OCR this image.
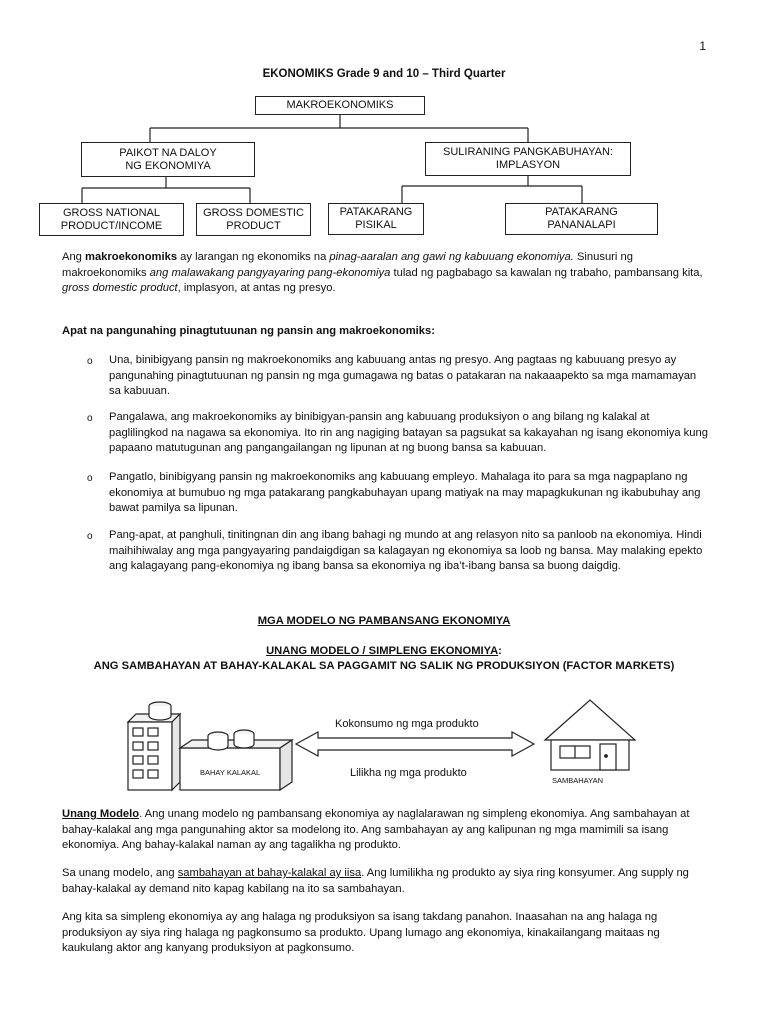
1
EKONOMIKS Grade 9 and 10 – Third Quarter
MAKROEKONOMIKS
PAIKOT NA DALOY
NG EKONOMIYA
SULIRANING PANGKABUHAYAN:
IMPLASYON
GROSS NATIONAL
PRODUCT/INCOME
GROSS DOMESTIC
PRODUCT
PATAKARANG
PISIKAL
PATAKARANG
PANANALAPI
Ang makroekonomiks ay larangan ng ekonomiks na pinag-aaralan ang gawi ng kabuuang ekonomiya. Sinusuri ng makroekonomiks ang malawakang pangyayaring pang-ekonomiya tulad ng pagbabago sa kawalan ng trabaho, pambansang kita, gross domestic product, implasyon, at antas ng presyo.
Apat na pangunahing pinagtutuunan ng pansin ang makroekonomiks:
o Una, binibigyang pansin ng makroekonomiks ang kabuuang antas ng presyo. Ang pagtaas ng kabuuang presyo ay pangunahing pinagtutuunan ng pansin ng mga gumagawa ng batas o patakaran na nakaaapekto sa mga mamamayan sa kabuuan.
o Pangalawa, ang makroekonomiks ay binibigyan-pansin ang kabuuang produksiyon o ang bilang ng kalakal at paglilingkod na nagawa sa ekonomiya. Ito rin ang nagiging batayan sa pagsukat sa kakayahan ng isang ekonomiya kung papaano matutugunan ang pangangailangan ng lipunan at ng buong bansa sa kabuuan.
o Pangatlo, binibigyang pansin ng makroekonomiks ang kabuuang empleyo. Mahalaga ito para sa mga nagpaplano ng ekonomiya at bumubuo ng mga patakarang pangkabuhayan upang matiyak na may mapagkukunan ng ikabubuhay ang bawat pamilya sa lipunan.
o Pang-apat, at panghuli, tinitingnan din ang ibang bahagi ng mundo at ang relasyon nito sa panloob na ekonomiya. Hindi maihihiwalay ang mga pangyayaring pandaigdigan sa kalagayan ng ekonomiya sa loob ng bansa. May malaking epekto ang kalagayang pang-ekonomiya ng ibang bansa sa ekonomiya ng iba’t-ibang bansa sa buong daigdig.
MGA MODELO NG PAMBANSANG EKONOMIYA
UNANG MODELO / SIMPLENG EKONOMIYA:
ANG SAMBAHAYAN AT BAHAY-KALAKAL SA PAGGAMIT NG SALIK NG PRODUKSIYON (FACTOR MARKETS)
Kokonsumo ng mga produkto
Lilikha ng mga produkto
BAHAY KALAKAL
SAMBAHAYAN
Unang Modelo. Ang unang modelo ng pambansang ekonomiya ay naglalarawan ng simpleng ekonomiya. Ang sambahayan at bahay-kalakal ang mga pangunahing aktor sa modelong ito. Ang sambahayan ay ang kalipunan ng mga mamimili sa isang ekonomiya. Ang bahay-kalakal naman ay ang tagalikha ng produkto.
Sa unang modelo, ang sambahayan at bahay-kalakal ay iisa. Ang lumilikha ng produkto ay siya ring konsyumer. Ang supply ng bahay-kalakal ay demand nito kapag kabilang na ito sa sambahayan.
Ang kita sa simpleng ekonomiya ay ang halaga ng produksiyon sa isang takdang panahon. Inaasahan na ang halaga ng produksiyon ay siya ring halaga ng pagkonsumo sa produkto. Upang lumago ang ekonomiya, kinakailangang maitaas ng kaukulang aktor ang kanyang produksiyon at pagkonsumo.
